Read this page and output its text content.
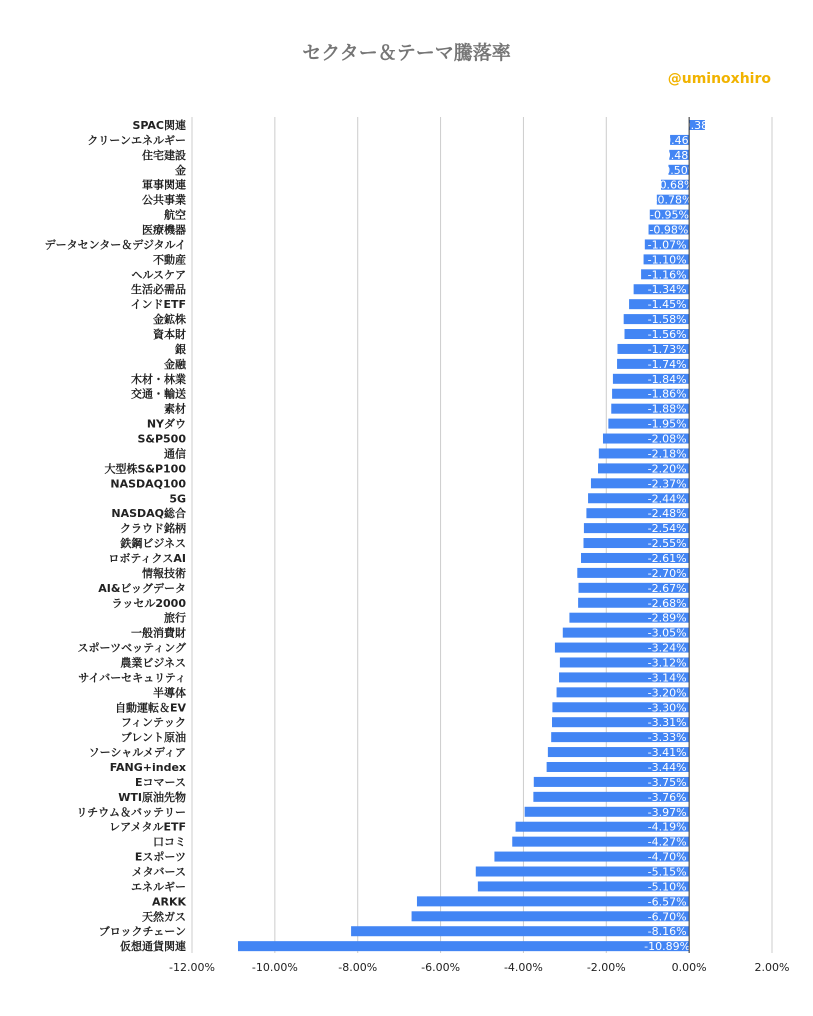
セクター＆テーマ騰落率
@uminoxhiro
0.38%
-0.46%
-0.48%
-0.50%
-0.68%
-0.78%
-0.95%
-0.98%
-1.07%
-1.10%
-1.16%
-1.34%
-1.45%
-1.58%
-1.56%
-1.73%
-1.74%
-1.84%
-1.86%
-1.88%
-1.95%
-2.08%
-2.18%
-2.20%
-2.37%
-2.44%
-2.48%
-2.54%
-2.55%
-2.61%
-2.70%
-2.67%
-2.68%
-2.89%
-3.05%
-3.24%
-3.12%
-3.14%
-3.20%
-3.30%
-3.31%
-3.33%
-3.41%
-3.44%
-3.75%
-3.76%
-3.97%
-4.19%
-4.27%
-4.70%
-5.15%
-5.10%
-6.57%
-6.70%
-8.16%
-10.89%
SPAC関連
クリーンエネルギー
住宅建設
金
軍事関連
公共事業
航空
医療機器
データセンター＆デジタルイ
不動産
ヘルスケア
生活必需品
インドETF
金鉱株
資本財
銀
金融
木材・林業
交通・輸送
素材
NYダウ
S&P500
通信
大型株S&P100
NASDAQ100
5G
NASDAQ総合
クラウド銘柄
鉄鋼ビジネス
ロボティクスAI
情報技術
AI&ビッグデータ
ラッセル2000
旅行
一般消費財
スポーツベッティング
農業ビジネス
サイバーセキュリティ
半導体
自動運転＆EV
フィンテック
ブレント原油
ソーシャルメディア
FANG+index
Eコマース
WTI原油先物
リチウム＆バッテリー
レアメタルETF
口コミ
Eスポーツ
メタバース
エネルギー
ARKK
天然ガス
ブロックチェーン
仮想通貨関連
-12.00%	-10.00%	-8.00%	-6.00%	-4.00%	-2.00%	0.00%	2.00%
